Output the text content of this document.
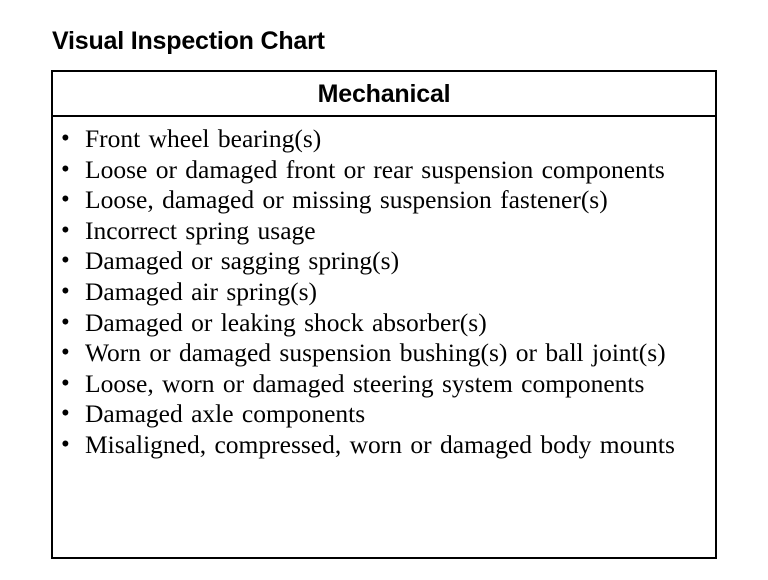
Visual Inspection Chart
Mechanical
• Front wheel bearing(s)
• Loose or damaged front or rear suspension components
• Loose, damaged or missing suspension fastener(s)
• Incorrect spring usage
• Damaged or sagging spring(s)
• Damaged air spring(s)
• Damaged or leaking shock absorber(s)
• Worn or damaged suspension bushing(s) or ball joint(s)
• Loose, worn or damaged steering system components
• Damaged axle components
• Misaligned, compressed, worn or damaged body mounts
